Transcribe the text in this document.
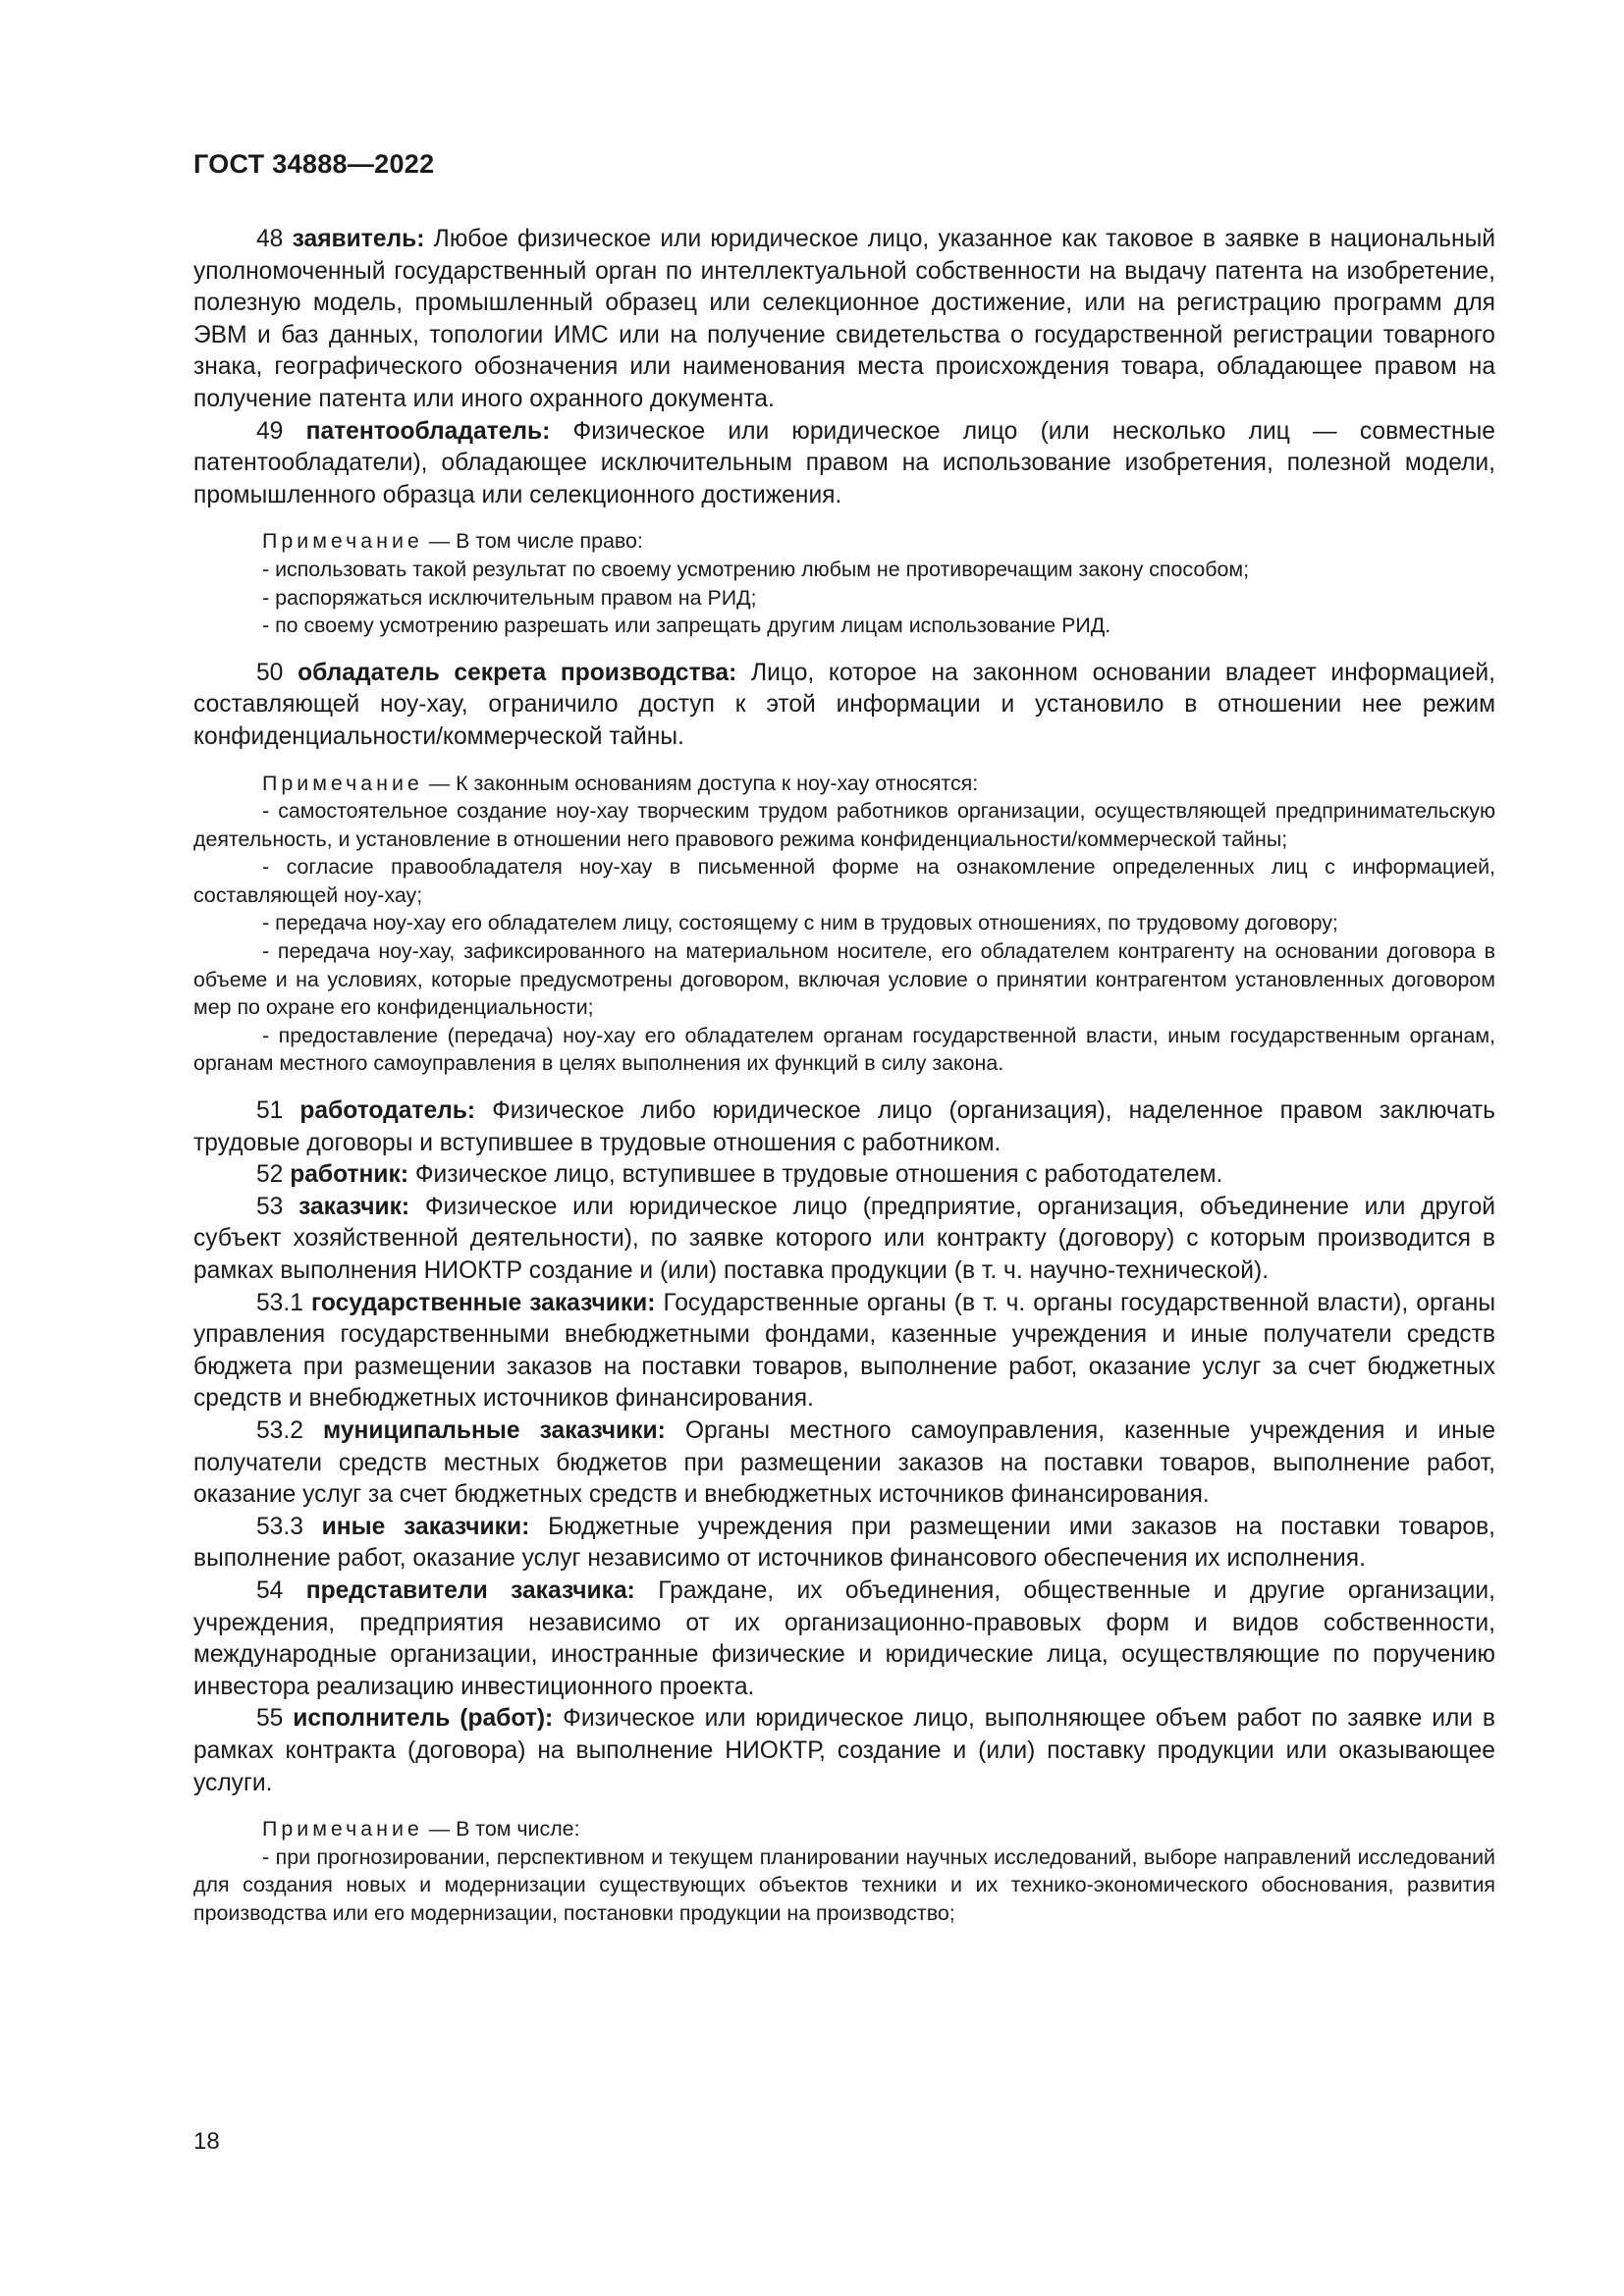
ГОСТ 34888—2022

48 заявитель: Любое физическое или юридическое лицо, указанное как таковое в заявке в национальный уполномоченный государственный орган по интеллектуальной собственности на выдачу патента на изобретение, полезную модель, промышленный образец или селекционное достижение, или на регистрацию программ для ЭВМ и баз данных, топологии ИМС или на получение свидетельства о государственной регистрации товарного знака, географического обозначения или наименования места происхождения товара, обладающее правом на получение патента или иного охранного документа.

49 патентообладатель: Физическое или юридическое лицо (или несколько лиц — совместные патентообладатели), обладающее исключительным правом на использование изобретения, полезной модели, промышленного образца или селекционного достижения.

Примечание — В том числе право:

- использовать такой результат по своему усмотрению любым не противоречащим закону способом;

- распоряжаться исключительным правом на РИД;

- по своему усмотрению разрешать или запрещать другим лицам использование РИД.

50 обладатель секрета производства: Лицо, которое на законном основании владеет информацией, составляющей ноу-хау, ограничило доступ к этой информации и установило в отношении нее режим конфиденциальности/коммерческой тайны.

Примечание — К законным основаниям доступа к ноу-хау относятся:

- самостоятельное создание ноу-хау творческим трудом работников организации, осуществляющей предпринимательскую деятельность, и установление в отношении него правового режима конфиденциальности/коммерческой тайны;

- согласие правообладателя ноу-хау в письменной форме на ознакомление определенных лиц с информацией, составляющей ноу-хау;

- передача ноу-хау его обладателем лицу, состоящему с ним в трудовых отношениях, по трудовому договору;

- передача ноу-хау, зафиксированного на материальном носителе, его обладателем контрагенту на основании договора в объеме и на условиях, которые предусмотрены договором, включая условие о принятии контрагентом установленных договором мер по охране его конфиденциальности;

- предоставление (передача) ноу-хау его обладателем органам государственной власти, иным государственным органам, органам местного самоуправления в целях выполнения их функций в силу закона.

51 работодатель: Физическое либо юридическое лицо (организация), наделенное правом заключать трудовые договоры и вступившее в трудовые отношения с работником.

52 работник: Физическое лицо, вступившее в трудовые отношения с работодателем.

53 заказчик: Физическое или юридическое лицо (предприятие, организация, объединение или другой субъект хозяйственной деятельности), по заявке которого или контракту (договору) с которым производится в рамках выполнения НИОКТР создание и (или) поставка продукции (в т. ч. научно-технической).

53.1 государственные заказчики: Государственные органы (в т. ч. органы государственной власти), органы управления государственными внебюджетными фондами, казенные учреждения и иные получатели средств бюджета при размещении заказов на поставки товаров, выполнение работ, оказание услуг за счет бюджетных средств и внебюджетных источников финансирования.

53.2 муниципальные заказчики: Органы местного самоуправления, казенные учреждения и иные получатели средств местных бюджетов при размещении заказов на поставки товаров, выполнение работ, оказание услуг за счет бюджетных средств и внебюджетных источников финансирования.

53.3 иные заказчики: Бюджетные учреждения при размещении ими заказов на поставки товаров, выполнение работ, оказание услуг независимо от источников финансового обеспечения их исполнения.

54 представители заказчика: Граждане, их объединения, общественные и другие организации, учреждения, предприятия независимо от их организационно-правовых форм и видов собственности, международные организации, иностранные физические и юридические лица, осуществляющие по поручению инвестора реализацию инвестиционного проекта.

55 исполнитель (работ): Физическое или юридическое лицо, выполняющее объем работ по заявке или в рамках контракта (договора) на выполнение НИОКТР, создание и (или) поставку продукции или оказывающее услуги.

Примечание — В том числе:

- при прогнозировании, перспективном и текущем планировании научных исследований, выборе направлений исследований для создания новых и модернизации существующих объектов техники и их технико-экономического обоснования, развития производства или его модернизации, постановки продукции на производство;

18
